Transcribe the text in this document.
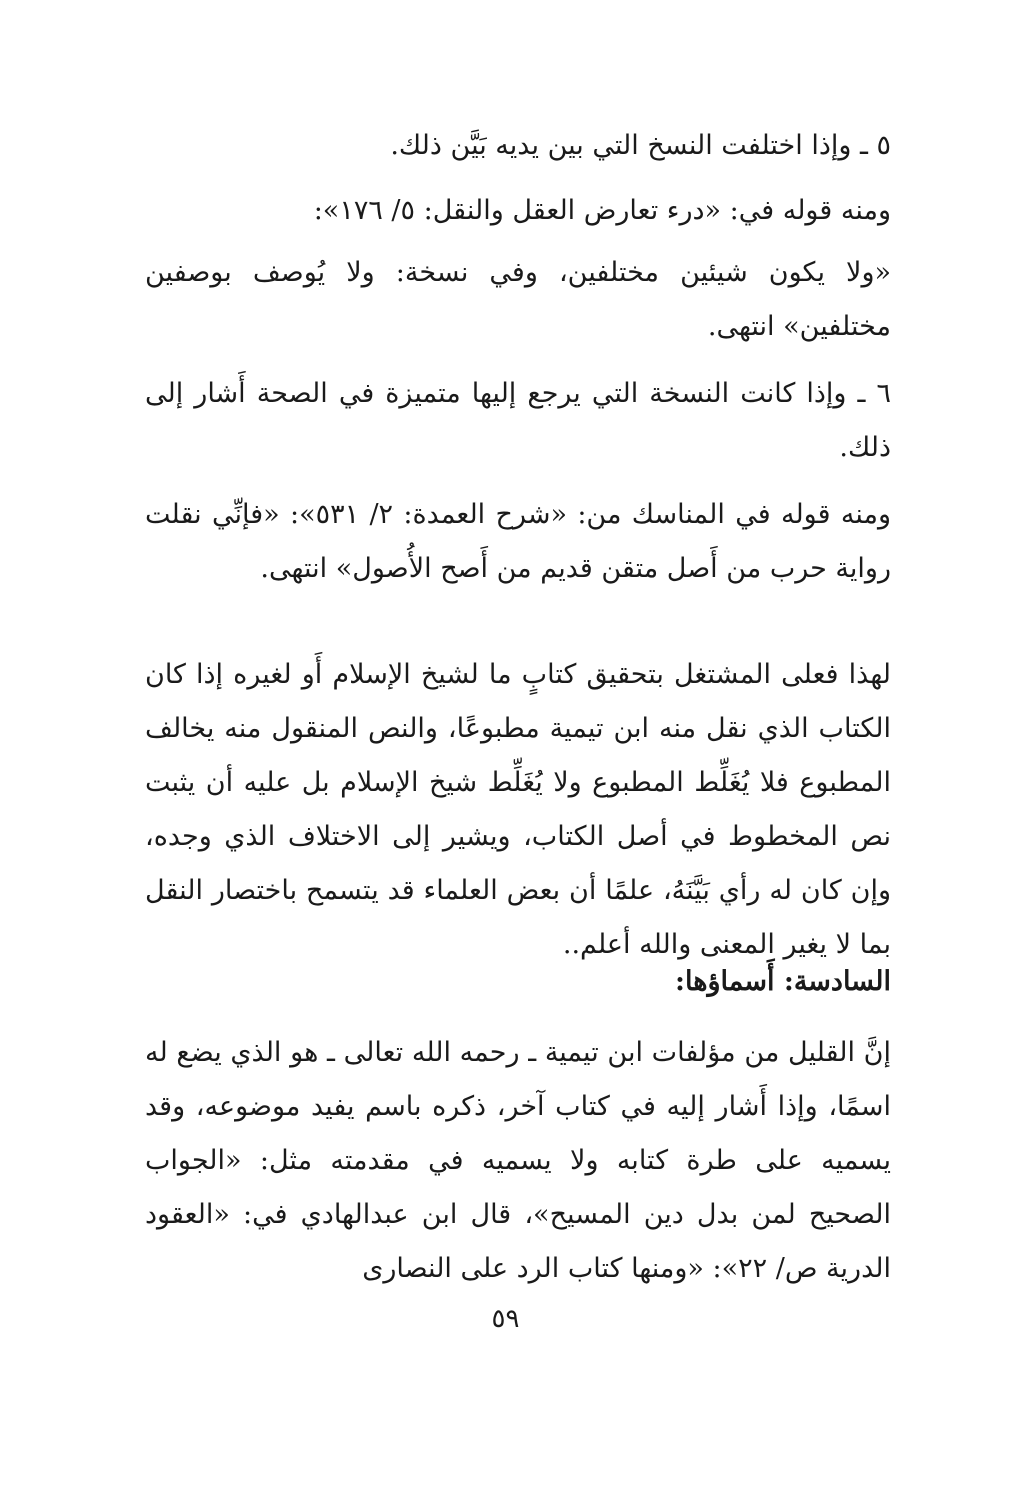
٥ ـ وإذا اختلفت النسخ التي بين يديه بَيَّن ذلك.

ومنه قوله في: «درء تعارض العقل والنقل: ٥/ ١٧٦»:

«ولا يكون شيئين مختلفين، وفي نسخة: ولا يُوصف بوصفين مختلفين» انتهى.

٦ ـ وإذا كانت النسخة التي يرجع إليها متميزة في الصحة أَشار إلى ذلك.

ومنه قوله في المناسك من: «شرح العمدة: ٢/ ٥٣١»: «فإنِّي نقلت رواية حرب من أَصل متقن قديم من أَصح الأُصول» انتهى.

لهذا فعلى المشتغل بتحقيق كتابٍ ما لشيخ الإسلام أَو لغيره إذا كان الكتاب الذي نقل منه ابن تيمية مطبوعًا، والنص المنقول منه يخالف المطبوع فلا يُغَلِّط المطبوع ولا يُغَلِّط شيخ الإسلام بل عليه أن يثبت نص المخطوط في أصل الكتاب، ويشير إلى الاختلاف الذي وجده، وإن كان له رأي بَيَّنَهُ، علمًا أن بعض العلماء قد يتسمح باختصار النقل بما لا يغير المعنى والله أعلم..

السادسة: أَسماؤها:

إنَّ القليل من مؤلفات ابن تيمية ـ رحمه الله تعالى ـ هو الذي يضع له اسمًا، وإذا أَشار إليه في كتاب آخر، ذكره باسم يفيد موضوعه، وقد يسميه على طرة كتابه ولا يسميه في مقدمته مثل: «الجواب الصحيح لمن بدل دين المسيح»، قال ابن عبدالهادي في: «العقود الدرية ص/ ٢٢»: «ومنها كتاب الرد على النصارى

٥٩
